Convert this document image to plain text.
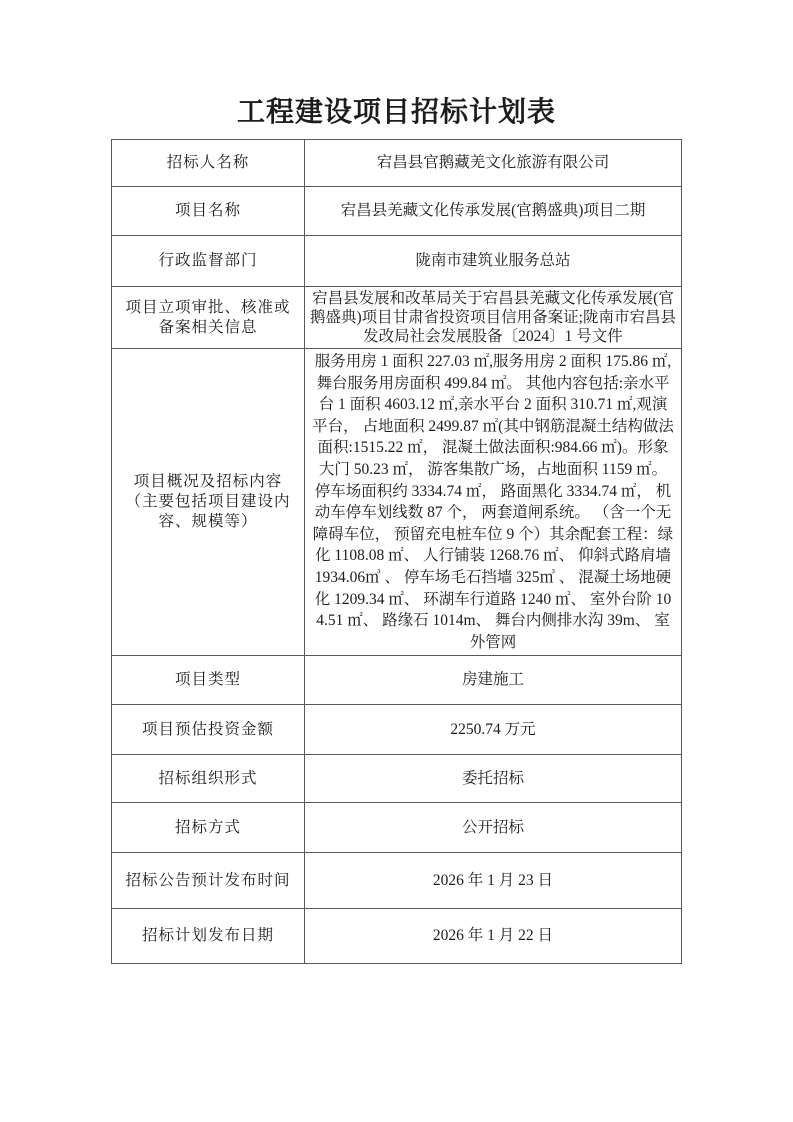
工程建设项目招标计划表
招标人名称	宕昌县官鹅藏羌文化旅游有限公司
项目名称	宕昌县羌藏文化传承发展(官鹅盛典)项目二期
行政监督部门	陇南市建筑业服务总站
项目立项审批、核准或备案相关信息	宕昌县发展和改革局关于宕昌县羌藏文化传承发展(官鹅盛典)项目甘肃省投资项目信用备案证;陇南市宕昌县发改局社会发展股备〔2024〕1 号文件
项目概况及招标内容（主要包括项目建设内容、规模等）	服务用房 1 面积 227.03 ㎡,服务用房 2 面积 175.86 ㎡,舞台服务用房面积 499.84 ㎡。 其他内容包括:亲水平台 1 面积 4603.12 ㎡,亲水平台 2 面积 310.71 ㎡,观演平台， 占地面积 2499.87 ㎡(其中钢筋混凝土结构做法面积:1515.22 ㎡， 混凝土做法面积:984.66 ㎡)。形象大门 50.23 ㎡， 游客集散广场，占地面积 1159 ㎡。停车场面积约 3334.74 ㎡， 路面黑化 3334.74 ㎡， 机动车停车划线数 87 个， 两套道闸系统。 （含一个无障碍车位， 预留充电桩车位 9 个）其余配套工程：绿化 1108.08 ㎡、 人行铺装 1268.76 ㎡、 仰斜式路肩墙 1934.06㎥ 、 停车场毛石挡墙 325㎥ 、 混凝土场地硬化 1209.34 ㎡、 环湖车行道路 1240 ㎡、 室外台阶 104.51 ㎡、 路缘石 1014m、 舞台内侧排水沟 39m、 室外管网
项目类型	房建施工
项目预估投资金额	2250.74 万元
招标组织形式	委托招标
招标方式	公开招标
招标公告预计发布时间	2026 年 1 月 23 日
招标计划发布日期	2026 年 1 月 22 日
